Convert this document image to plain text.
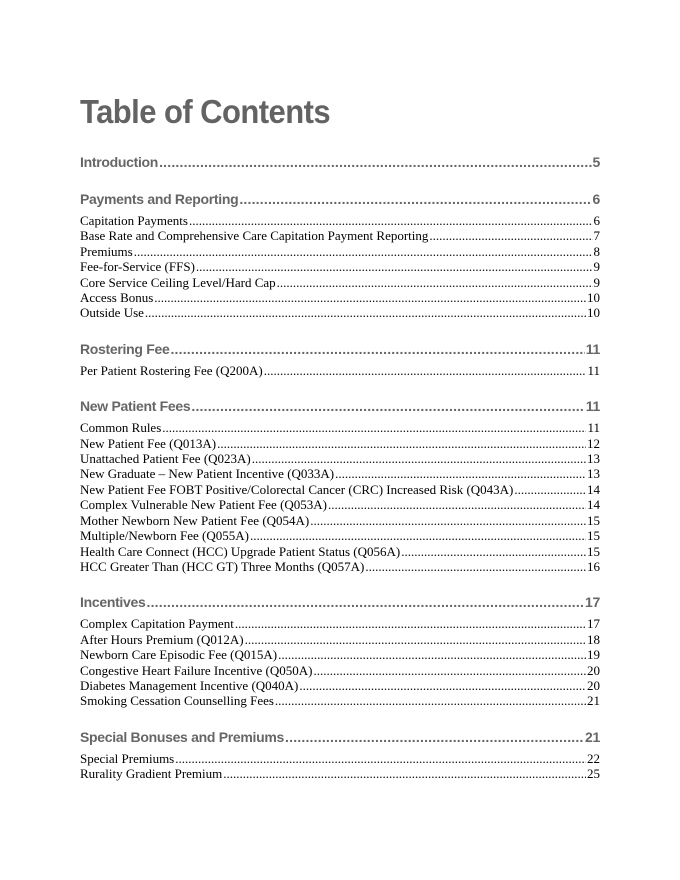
Table of Contents
Introduction .....	5
Payments and Reporting .....	6
Capitation Payments .....	6
Base Rate and Comprehensive Care Capitation Payment Reporting .....	7
Premiums .....	8
Fee-for-Service (FFS) .....	9
Core Service Ceiling Level/Hard Cap .....	9
Access Bonus .....	10
Outside Use .....	10
Rostering Fee .....	11
Per Patient Rostering Fee (Q200A) .....	11
New Patient Fees .....	11
Common Rules .....	11
New Patient Fee (Q013A) .....	12
Unattached Patient Fee (Q023A) .....	13
New Graduate – New Patient Incentive (Q033A) .....	13
New Patient Fee FOBT Positive/Colorectal Cancer (CRC) Increased Risk (Q043A) .....	14
Complex Vulnerable New Patient Fee (Q053A) .....	14
Mother Newborn New Patient Fee (Q054A) .....	15
Multiple/Newborn Fee (Q055A) .....	15
Health Care Connect (HCC) Upgrade Patient Status (Q056A) .....	15
HCC Greater Than (HCC GT) Three Months (Q057A) .....	16
Incentives .....	17
Complex Capitation Payment .....	17
After Hours Premium (Q012A) .....	18
Newborn Care Episodic Fee (Q015A) .....	19
Congestive Heart Failure Incentive (Q050A) .....	20
Diabetes Management Incentive (Q040A) .....	20
Smoking Cessation Counselling Fees .....	21
Special Bonuses and Premiums .....	21
Special Premiums .....	22
Rurality Gradient Premium .....	25
